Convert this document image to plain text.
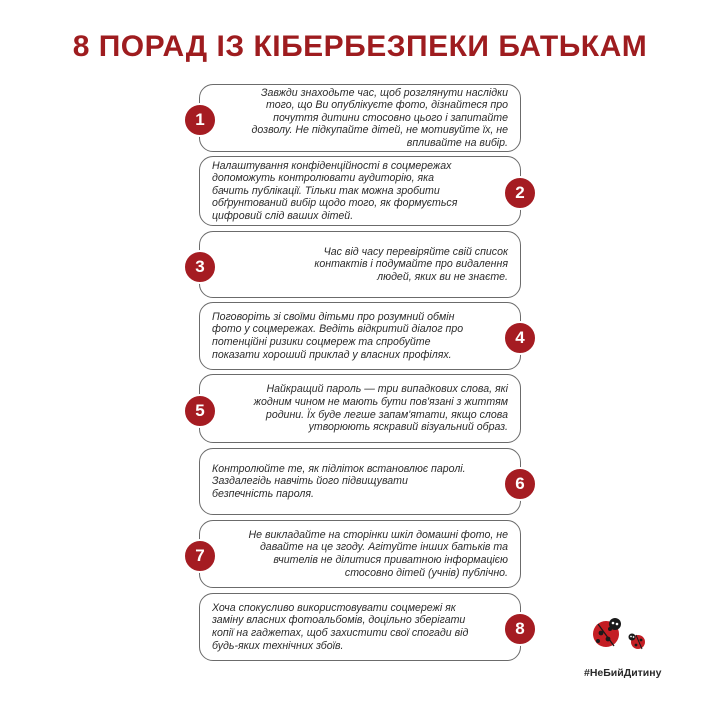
8 ПОРАД ІЗ КІБЕРБЕЗПЕКИ БАТЬКАМ
1
Завжди знаходьте час, щоб розглянути наслідки
того, що Ви опублікуєте фото, дізнайтеся про
почуття дитини стосовно цього і запитайте
дозволу. Не підкупайте дітей, не мотивуйте їх, не
впливайте на вибір.
2
Налаштування конфіденційності в соцмережах
допоможуть контролювати аудиторію, яка
бачить публікації. Тільки так можна зробити
обґрунтований вибір щодо того, як формується
цифровий слід ваших дітей.
3
Час від часу перевіряйте свій список
контактів і подумайте про видалення
людей, яких ви не знаєте.
4
Поговоріть зі своїми дітьми про розумний обмін
фото у соцмережах. Ведіть відкритий діалог про
потенційні ризики соцмереж та спробуйте
показати хороший приклад у власних профілях.
5
Найкращий пароль — три випадкових слова, які
жодним чином не мають бути пов'язані з життям
родини. Їх буде легше запам'ятати, якщо слова
утворюють яскравий візуальний образ.
6
Контролюйте те, як підліток встановлює паролі.
Заздалегідь навчіть його підвищувати
безпечність пароля.
7
Не викладайте на сторінки шкіл домашні фото, не
давайте на це згоду. Агітуйте інших батьків та
вчителів не ділитися приватною інформацією
стосовно дітей (учнів) публічно.
8
Хоча спокусливо використовувати соцмережі як
заміну власних фотоальбомів, доцільно зберігати
копії на гаджетах, щоб захистити свої спогади від
будь-яких технічних збоїв.
#НеБийДитину
